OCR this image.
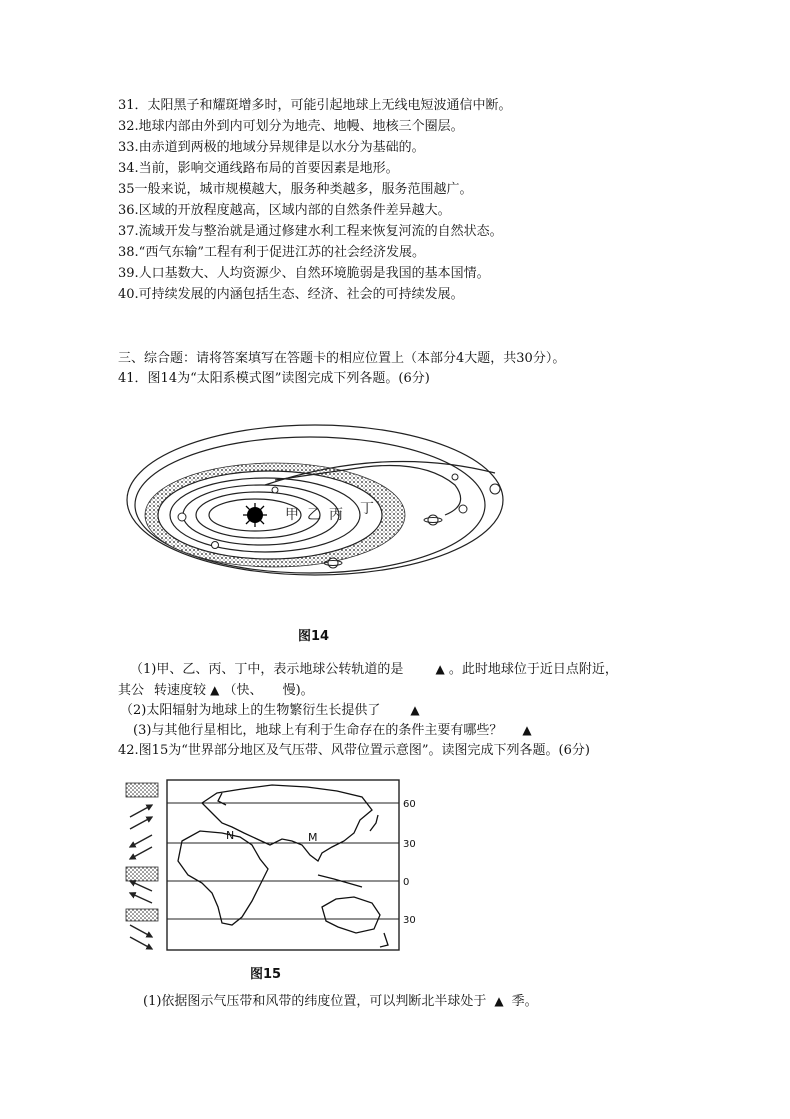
31．太阳黑子和耀斑增多时，可能引起地球上无线电短波通信中断。
32.地球内部由外到内可划分为地壳、地幔、地核三个圈层。
33.由赤道到两极的地域分异规律是以水分为基础的。
34.当前，影响交通线路布局的首要因素是地形。
35一般来说，城市规模越大，服务种类越多，服务范围越广。
36.区域的开放程度越高，区域内部的自然条件差异越大。
37.流域开发与整治就是通过修建水利工程来恢复河流的自然状态。
38.“西气东输”工程有利于促进江苏的社会经济发展。
39.人口基数大、人均资源少、自然环境脆弱是我国的基本国情。
40.可持续发展的内涵包括生态、经济、社会的可持续发展。
三、综合题：请将答案填写在答题卡的相应位置上（本部分4大题，共30分）。
41．图14为“太阳系模式图”读图完成下列各题。(6分)
甲 乙 丙 丁
图14
（1)甲、乙、丙、丁中，表示地球公转轨道的是	▲ 。此时地球位于近日点附近，
其公 转速度较 ▲ （快、 慢)。
（2)太阳辐射为地球上的生物繁衍生长提供了	▲
(3)与其他行星相比，地球上有利于生命存在的条件主要有哪些？ ▲
42.图15为“世界部分地区及气压带、风带位置示意图”。读图完成下列各题。(6分)
N	M
60
30
0
30
图15
(1)依据图示气压带和风带的纬度位置，可以判断北半球处于 ▲ 季。
